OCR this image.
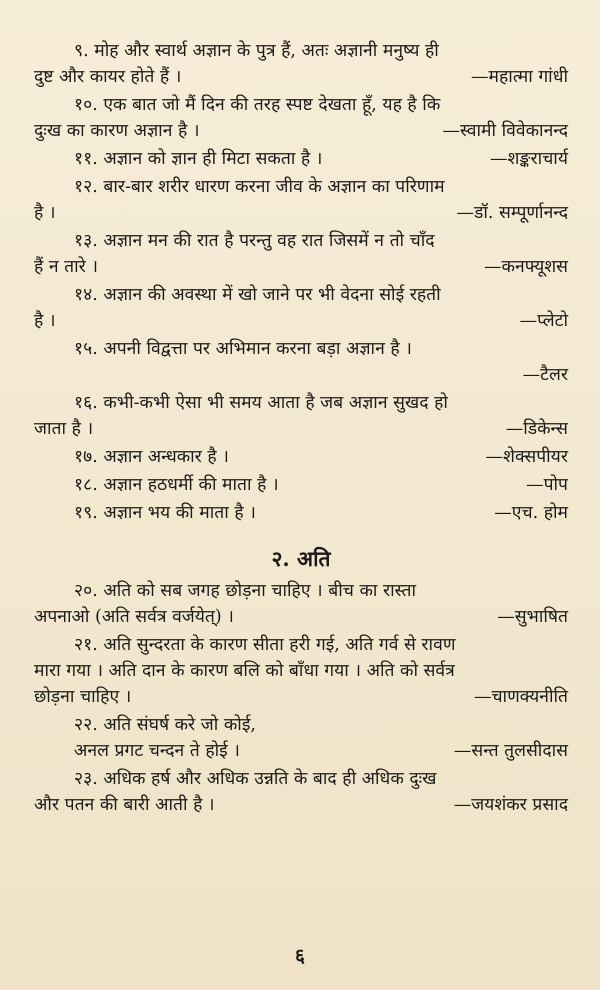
९. मोह और स्वार्थ अज्ञान के पुत्र हैं, अतः अज्ञानी मनुष्य ही
दुष्ट और कायर होते हैं ।	—महात्मा गांधी
१०. एक बात जो मैं दिन की तरह स्पष्ट देखता हूँ, यह है कि
दुःख का कारण अज्ञान है ।	—स्वामी विवेकानन्द
११. अज्ञान को ज्ञान ही मिटा सकता है ।	—शङ्कराचार्य
१२. बार-बार शरीर धारण करना जीव के अज्ञान का परिणाम
है ।	—डॉ. सम्पूर्णानन्द
१३. अज्ञान मन की रात है परन्तु वह रात जिसमें न तो चाँद
हैं न तारे ।	—कनफ्यूशस
१४. अज्ञान की अवस्था में खो जाने पर भी वेदना सोई रहती
है ।	—प्लेटो
१५. अपनी विद्वत्ता पर अभिमान करना बड़ा अज्ञान है ।
—टैलर
१६. कभी-कभी ऐसा भी समय आता है जब अज्ञान सुखद हो
जाता है ।	—डिकेन्स
१७. अज्ञान अन्धकार है ।	—शेक्सपीयर
१८. अज्ञान हठधर्मी की माता है ।	—पोप
१९. अज्ञान भय की माता है ।	—एच. होम
२. अति
२०. अति को सब जगह छोड़ना चाहिए । बीच का रास्ता
अपनाओ (अति सर्वत्र वर्जयेत्) ।	—सुभाषित
२१. अति सुन्दरता के कारण सीता हरी गई, अति गर्व से रावण
मारा गया । अति दान के कारण बलि को बाँधा गया । अति को सर्वत्र
छोड़ना चाहिए ।	—चाणक्यनीति
२२. अति संघर्ष करे जो कोई,
अनल प्रगट चन्दन ते होई ।	—सन्त तुलसीदास
२३. अधिक हर्ष और अधिक उन्नति के बाद ही अधिक दुःख
और पतन की बारी आती है ।	—जयशंकर प्रसाद
६
